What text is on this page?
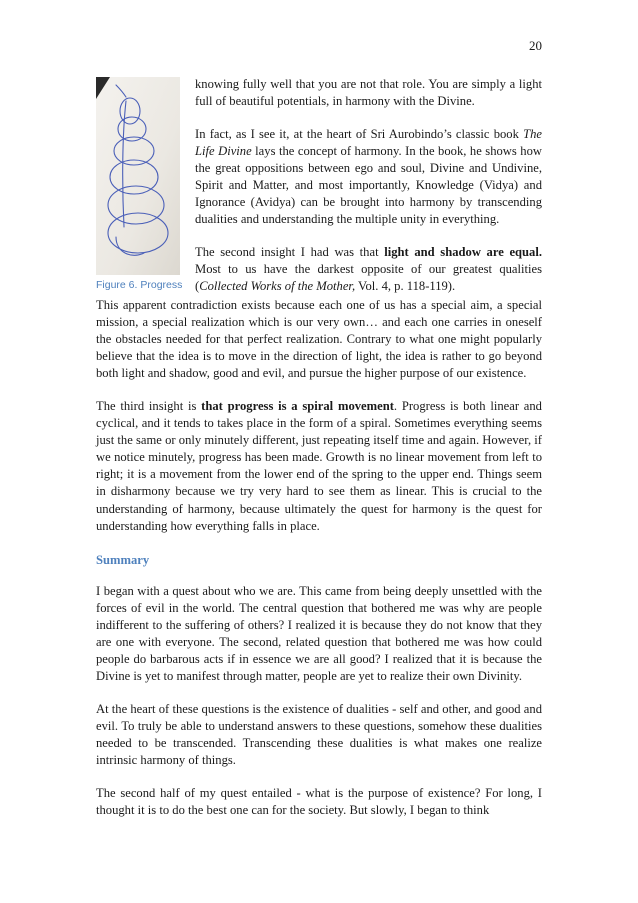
20
Figure 6. Progress

knowing fully well that you are not that role. You are simply a light full of beautiful potentials, in harmony with the Divine.

In fact, as I see it, at the heart of Sri Aurobindo’s classic book The Life Divine lays the concept of harmony. In the book, he shows how the great oppositions between ego and soul, Divine and Undivine, Spirit and Matter, and most importantly, Knowledge (Vidya) and Ignorance (Avidya) can be brought into harmony by transcending dualities and understanding the multiple unity in everything.

The second insight I had was that light and shadow are equal. Most to us have the darkest opposite of our greatest qualities (Collected Works of the Mother, Vol. 4, p. 118-119).

This apparent contradiction exists because each one of us has a special aim, a special mission, a special realization which is our very own… and each one carries in oneself the obstacles needed for that perfect realization. Contrary to what one might popularly believe that the idea is to move in the direction of light, the idea is rather to go beyond both light and shadow, good and evil, and pursue the higher purpose of our existence.

The third insight is that progress is a spiral movement. Progress is both linear and cyclical, and it tends to takes place in the form of a spiral. Sometimes everything seems just the same or only minutely different, just repeating itself time and again. However, if we notice minutely, progress has been made. Growth is no linear movement from left to right; it is a movement from the lower end of the spring to the upper end. Things seem in disharmony because we try very hard to see them as linear. This is crucial to the understanding of harmony, because ultimately the quest for harmony is the quest for understanding how everything falls in place.

Summary

I began with a quest about who we are. This came from being deeply unsettled with the forces of evil in the world. The central question that bothered me was why are people indifferent to the suffering of others? I realized it is because they do not know that they are one with everyone. The second, related question that bothered me was how could people do barbarous acts if in essence we are all good? I realized that it is because the Divine is yet to manifest through matter, people are yet to realize their own Divinity.

At the heart of these questions is the existence of dualities - self and other, and good and evil. To truly be able to understand answers to these questions, somehow these dualities needed to be transcended. Transcending these dualities is what makes one realize intrinsic harmony of things.

The second half of my quest entailed - what is the purpose of existence? For long, I thought it is to do the best one can for the society. But slowly, I began to think
